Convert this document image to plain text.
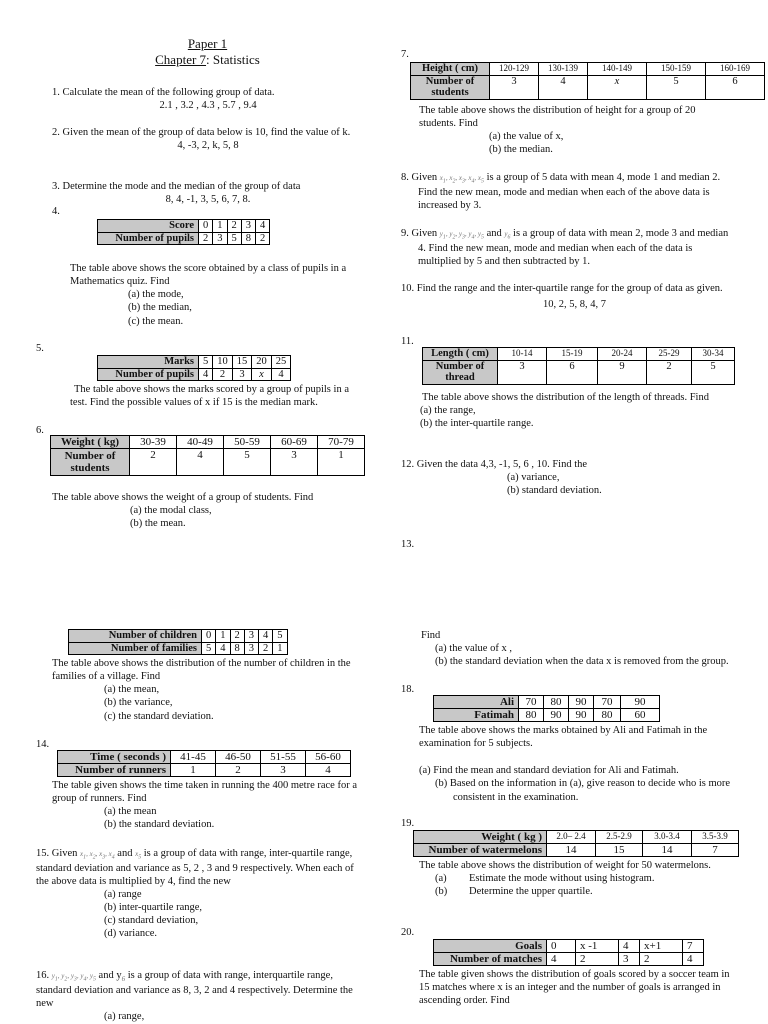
Paper 1

Chapter 7: Statistics

1. Calculate the mean of the following group of data.

2.1 , 3.2 , 4.3 , 5.7 , 9.4

2. Given the mean of the group of data below is 10, find the value of k.

4, -3, 2, k, 5, 8

3. Determine the mode and the median of the group of data

8, 4, -1, 3, 5, 6, 7, 8.

4.

Score	0	1	2	3	4
Number of pupils	2	3	5	8	2

The table above shows the score obtained by a class of pupils in a Mathematics quiz. Find

(a) the mode,

(b) the median,

(c) the mean.

5.

Marks	5	10	15	20	25
Number of pupils	4	2	3	x	4

The table above shows the marks scored by a group of pupils in a test. Find the possible values of x if 15 is the median mark.

6.

Weight ( kg)	30-39	40-49	50-59	60-69	70-79
Number of students	2	4	5	3	1

The table above shows the weight of a group of students. Find

(a) the modal class,

(b) the mean.

Number of children	0	1	2	3	4	5
Number of families	5	4	8	3	2	1

The table above shows the distribution of the number of children in the families of a village. Find

(a) the mean,

(b) the variance,

(c) the standard deviation.

14.

Time ( seconds )	41-45	46-50	51-55	56-60
Number of runners	1	2	3	4

The table given shows the time taken in running the 400 metre race for a group of runners. Find

(a) the mean

(b) the standard deviation.

15. Given $x_1$, $x_2$, $x_3$, $x_4$ and $x_5$ is a group of data with range, inter-quartile range, standard deviation and variance as 5, 2 , 3 and 9 respectively. When each of the above data is multiplied by 4, find the new

(a) range

(b) inter-quartile range,

(c) standard deviation,

(d) variance.

16. $y_1$, $y_2$, $y_3$, $y_4$, $y_5$ and $y_6$ is a group of data with range, interquartile range, standard deviation and variance as 8, 3, 2 and 4 respectively. Determine the new

(a) range,

7.

Height ( cm)	120-129	130-139	140-149	150-159	160-169
Number of students	3	4	x	5	6

The table above shows the distribution of height for a group of 20 students. Find

(a) the value of x,

(b) the median.

8. Given $x_1$, $x_2$, $x_3$, $x_4$, $x_5$ is a group of 5 data with mean 4, mode 1 and median 2. Find the new mean, mode and median when each of the above data is increased by 3.

9. Given $y_1$, $y_2$, $y_3$, $y_4$, $y_5$ and $y_6$ is a group of data with mean 2, mode 3 and median 4. Find the new mean, mode and median when each of the data is multiplied by 5 and then subtracted by 1.

10. Find the range and the inter-quartile range for the group of data as given.

10, 2, 5, 8, 4, 7

11.

Length ( cm)	10-14	15-19	20-24	25-29	30-34
Number of thread	3	6	9	2	5

The table above shows the distribution of the length of threads. Find

(a) the range,

(b) the inter-quartile range.

12. Given the data 4,3, -1, 5, 6 , 10. Find the

(a) variance,

(b) standard deviation.

13.

Find

(a) the value of x ,

(b) the standard deviation when the data x is removed from the group.

18.

Ali	70	80	90	70	90
Fatimah	80	90	90	80	60

The table above shows the marks obtained by Ali and Fatimah in the examination for 5 subjects.

(a) Find the mean and standard deviation for Ali and Fatimah.

(b) Based on the information in (a), give reason to decide who is more consistent in the examination.

19.

Weight ( kg )	2.0– 2.4	2.5-2.9	3.0-3.4	3.5-3.9
Number of watermelons	14	15	14	7

The table above shows the distribution of weight for 50 watermelons.

(a) Estimate the mode without using histogram.

(b) Determine the upper quartile.

20.

Goals	0	x -1	4	x+1	7
Number of matches	4	2	3	2	4

The table given shows the distribution of goals scored by a soccer team in 15 matches where x is an integer and the number of goals is arranged in ascending order. Find
